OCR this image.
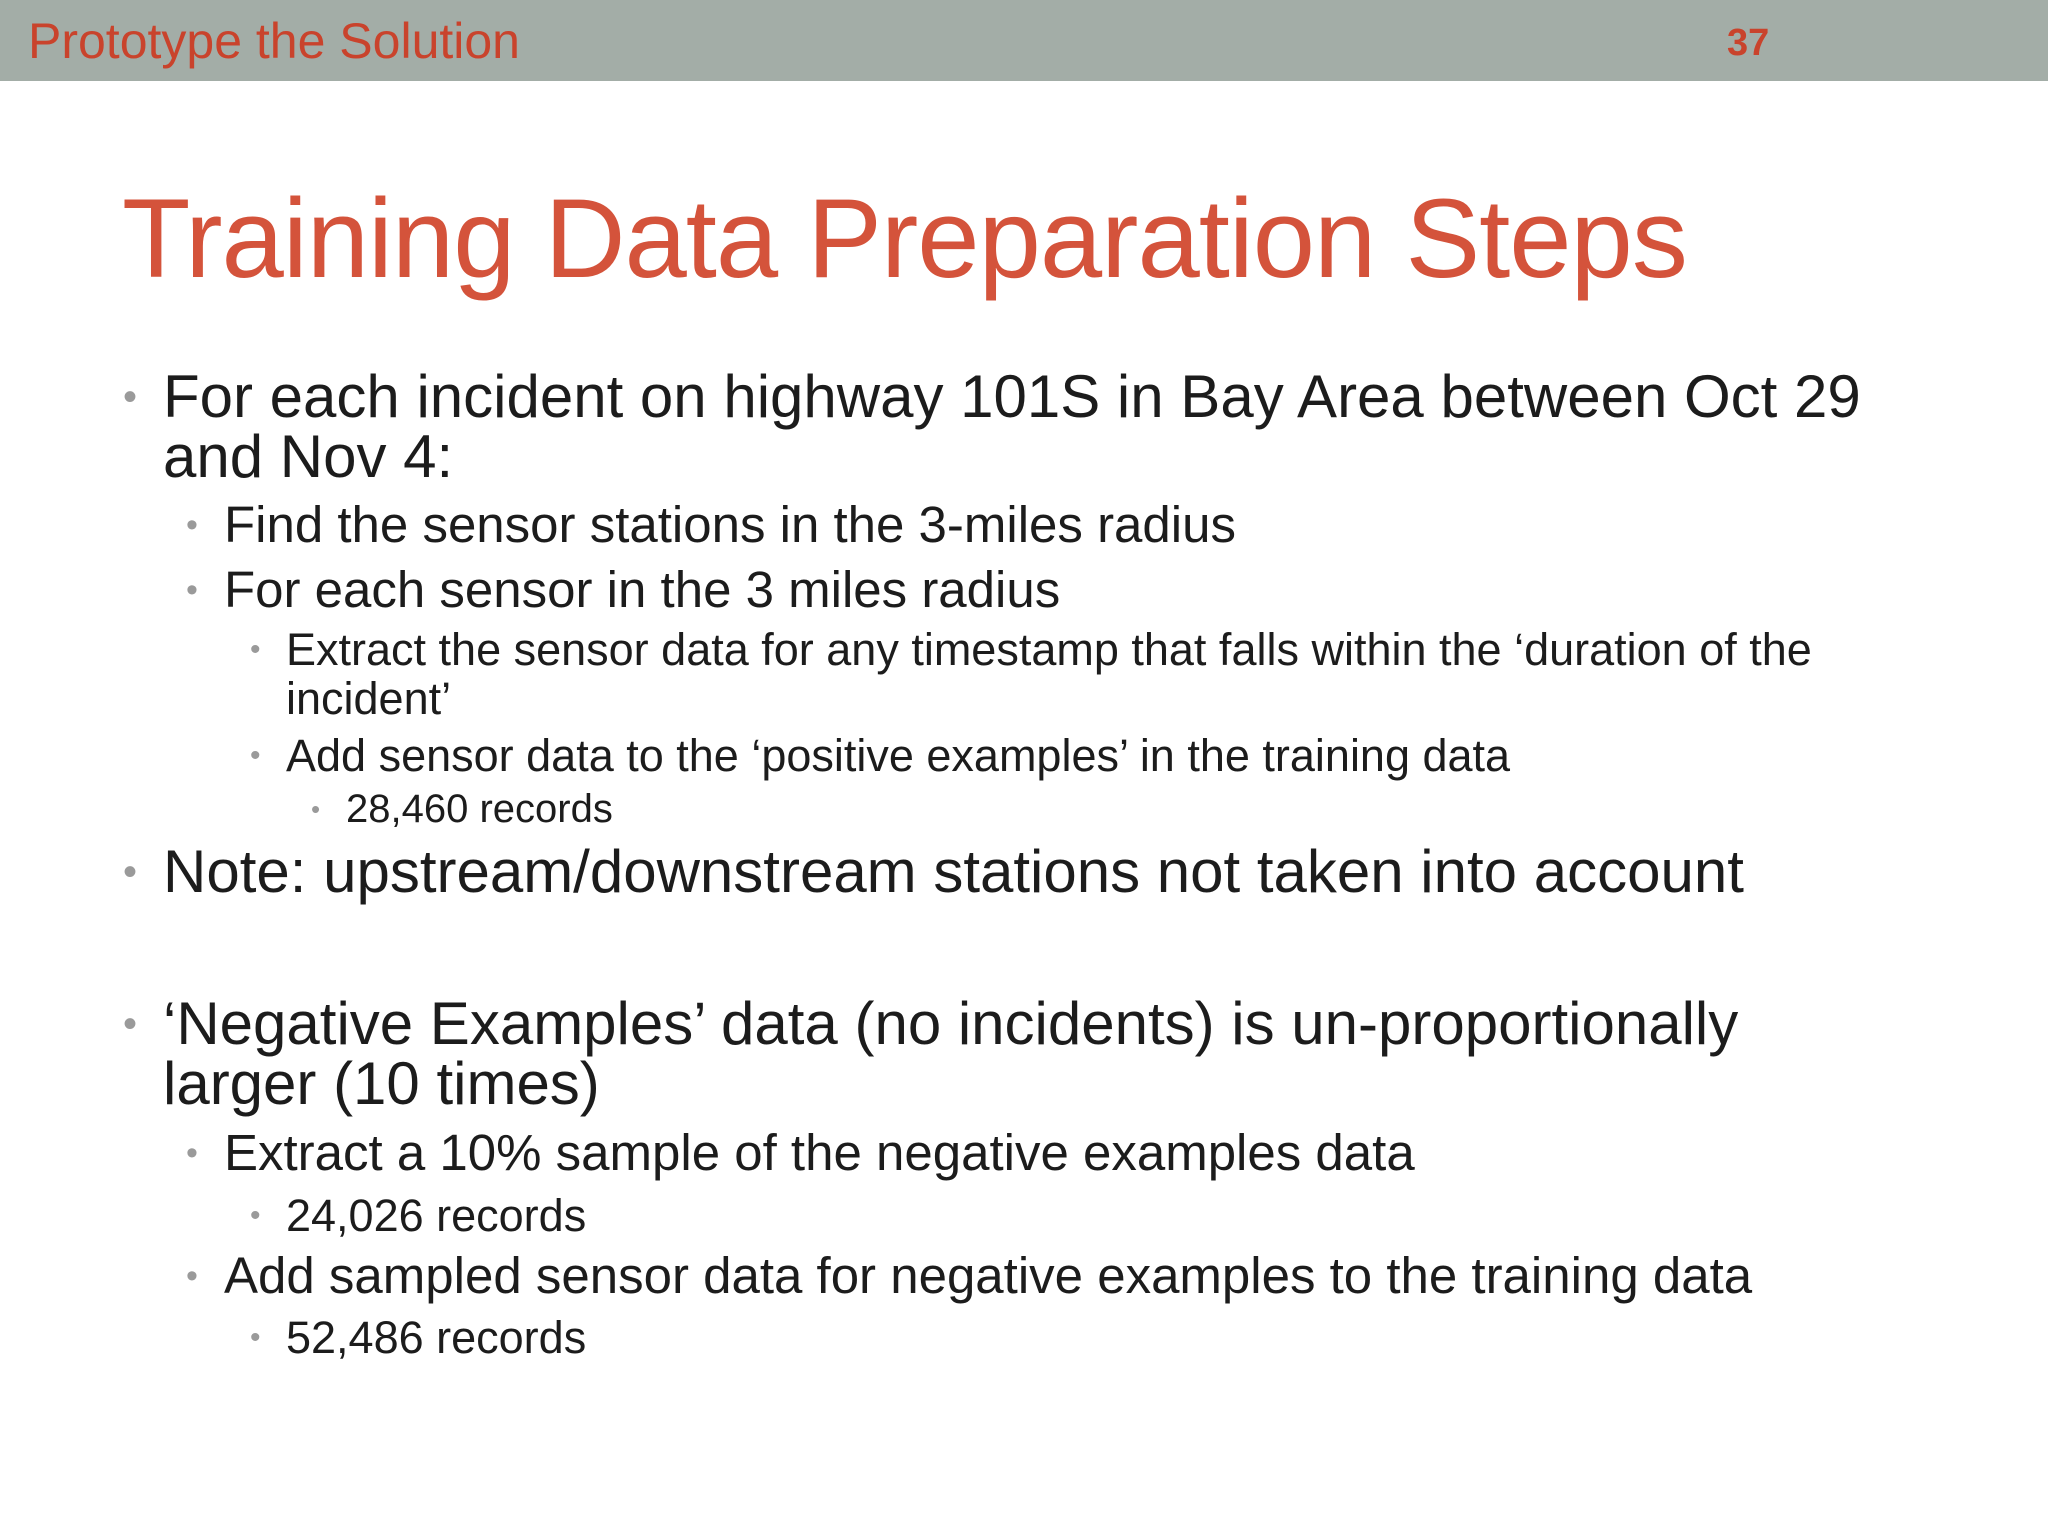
Prototype the Solution	37
Training Data Preparation Steps
• For each incident on highway 101S in Bay Area between Oct 29 and Nov 4:
• Find the sensor stations in the 3-miles radius
• For each sensor in the 3 miles radius
• Extract the sensor data for any timestamp that falls within the ‘duration of the incident’
• Add sensor data to the ‘positive examples’ in the training data
• 28,460 records
• Note: upstream/downstream stations not taken into account
• ‘Negative Examples’ data (no incidents) is un-proportionally larger (10 times)
• Extract a 10% sample of the negative examples data
• 24,026 records
• Add sampled sensor data for negative examples to the training data
• 52,486 records
